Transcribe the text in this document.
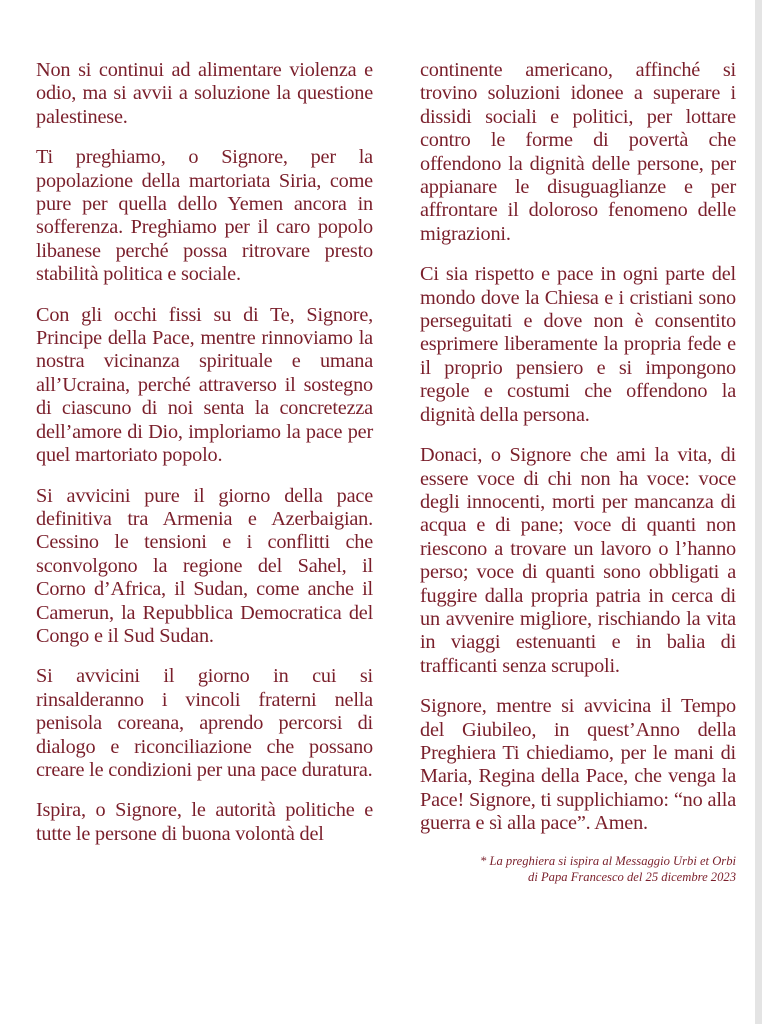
Non si continui ad alimentare violenza e odio, ma si avvii a soluzione la questione palestinese.

Ti preghiamo, o Signore, per la popolazione della martoriata Siria, come pure per quella dello Yemen ancora in sofferenza. Preghiamo per il caro popolo libanese perché possa ritrovare presto stabilità politica e sociale.

Con gli occhi fissi su di Te, Signore, Principe della Pace, mentre rinnoviamo la nostra vicinanza spirituale e umana all’Ucraina, perché attraverso il sostegno di ciascuno di noi senta la concretezza dell’amore di Dio, imploriamo la pace per quel martoriato popolo.

Si avvicini pure il giorno della pace definitiva tra Armenia e Azerbaigian. Cessino le tensioni e i conflitti che sconvolgono la regione del Sahel, il Corno d’Africa, il Sudan, come anche il Camerun, la Repubblica Democratica del Congo e il Sud Sudan.

Si avvicini il giorno in cui si rinsalderanno i vincoli fraterni nella penisola coreana, aprendo percorsi di dialogo e riconciliazione che possano creare le condizioni per una pace duratura.

Ispira, o Signore, le autorità politiche e tutte le persone di buona volontà del

continente americano, affinché si trovino soluzioni idonee a superare i dissidi sociali e politici, per lottare contro le forme di povertà che offendono la dignità delle persone, per appianare le disuguaglianze e per affrontare il doloroso fenomeno delle migrazioni.

Ci sia rispetto e pace in ogni parte del mondo dove la Chiesa e i cristiani sono perseguitati e dove non è consentito esprimere liberamente la propria fede e il proprio pensiero e si impongono regole e costumi che offendono la dignità della persona.

Donaci, o Signore che ami la vita, di essere voce di chi non ha voce: voce degli innocenti, morti per mancanza di acqua e di pane; voce di quanti non riescono a trovare un lavoro o l’hanno perso; voce di quanti sono obbligati a fuggire dalla propria patria in cerca di un avvenire migliore, rischiando la vita in viaggi estenuanti e in balia di trafficanti senza scrupoli.

Signore, mentre si avvicina il Tempo del Giubileo, in quest’Anno della Preghiera Ti chiediamo, per le mani di Maria, Regina della Pace, che venga la Pace! Signore, ti supplichiamo: “no alla guerra e sì alla pace”. Amen.

* La preghiera si ispira al Messaggio Urbi et Orbi

di Papa Francesco del 25 dicembre 2023
